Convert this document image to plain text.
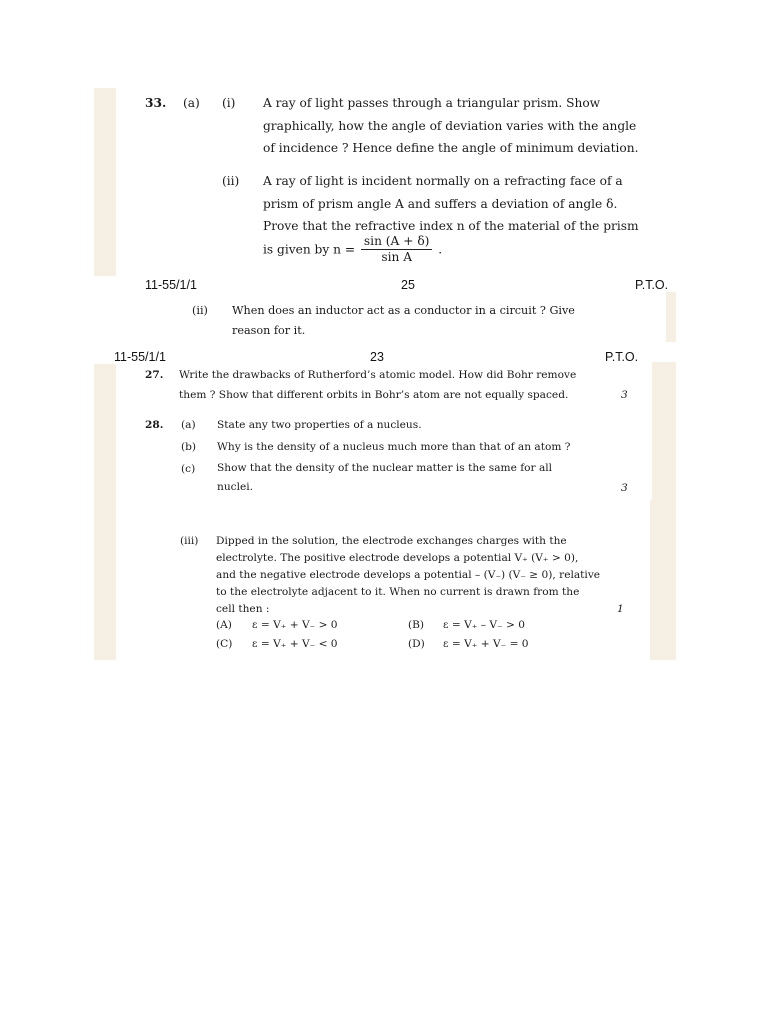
33. (a) (i) A ray of light passes through a triangular prism. Show
graphically, how the angle of deviation varies with the angle
of incidence ? Hence define the angle of minimum deviation.
(ii) A ray of light is incident normally on a refracting face of a
prism of prism angle A and suffers a deviation of angle δ.
Prove that the refractive index n of the material of the prism
is given by $n = \frac{\sin (A + \delta)}{\text{sin A}}$ .
11-55/1/1	25	P.T.O.
(ii) When does an inductor act as a conductor in a circuit ? Give
reason for it.
11-55/1/1	23	P.T.O.
27. Write the drawbacks of Rutherford’s atomic model. How did Bohr remove
them ? Show that different orbits in Bohr’s atom are not equally spaced.	3
28. (a) State any two properties of a nucleus.
(b) Why is the density of a nucleus much more than that of an atom ?
(c) Show that the density of the nuclear matter is the same for all
nuclei.	3
(iii) Dipped in the solution, the electrode exchanges charges with the
electrolyte. The positive electrode develops a potential V₊ (V₊ > 0),
and the negative electrode develops a potential – (V₋) (V₋ ≥ 0), relative
to the electrolyte adjacent to it. When no current is drawn from the
cell then :	1
(A) ε = V₊ + V₋ > 0	(B) ε = V₊ – V₋ > 0
(C) ε = V₊ + V₋ < 0	(D) ε = V₊ + V₋ = 0
